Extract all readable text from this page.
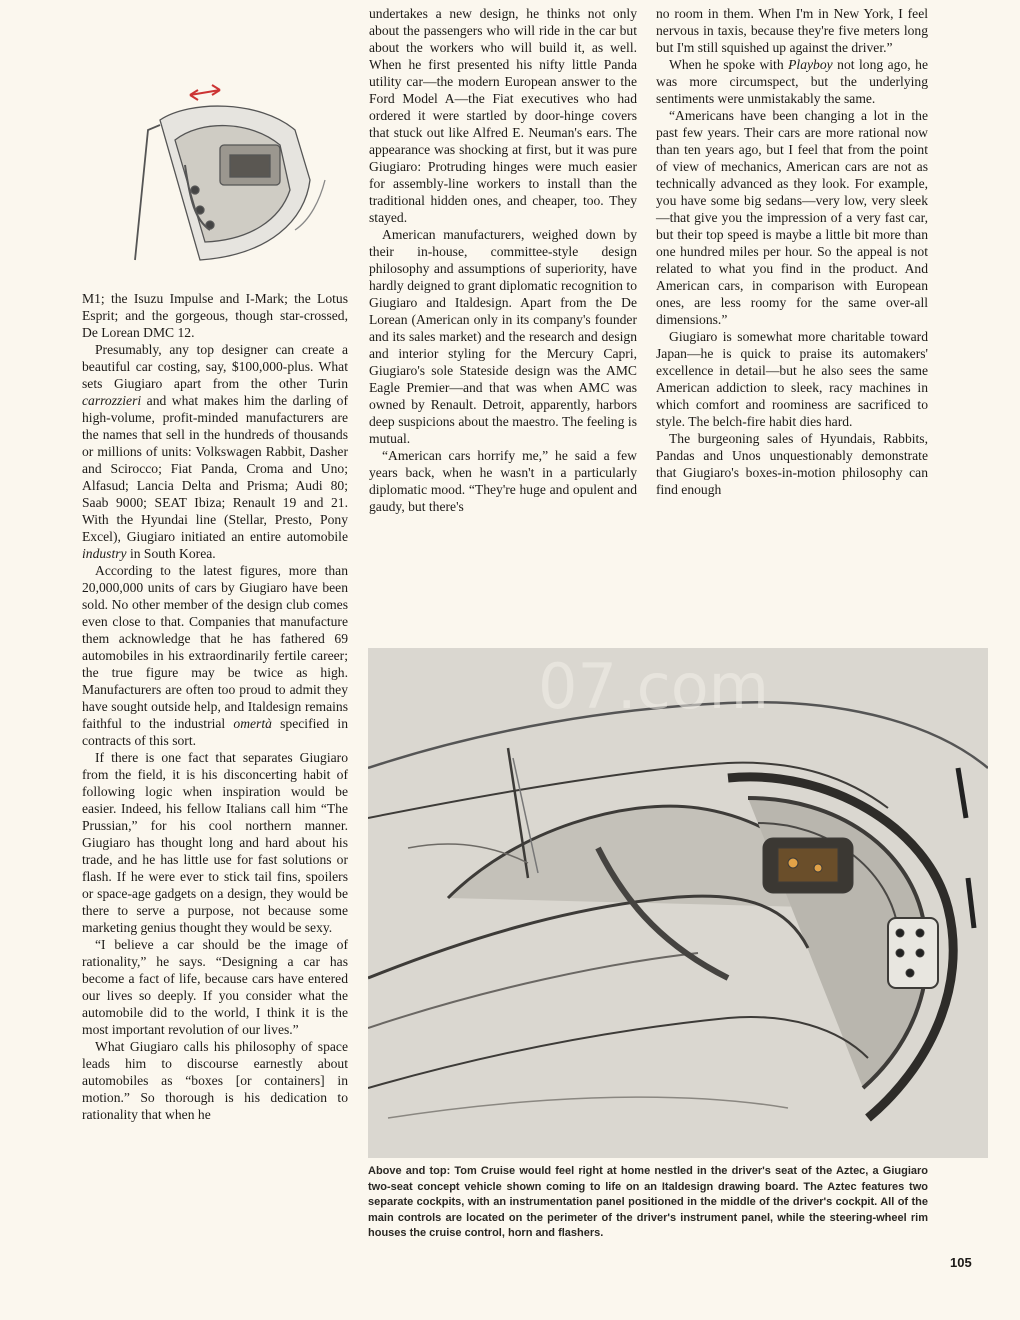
M1; the Isuzu Impulse and I-Mark; the Lotus Esprit; and the gorgeous, though star-crossed, De Lorean DMC 12.

Presumably, any top designer can create a beautiful car costing, say, $100,000-plus. What sets Giugiaro apart from the other Turin carrozzieri and what makes him the darling of high-volume, profit-minded manufacturers are the names that sell in the hundreds of thousands or millions of units: Volkswagen Rabbit, Dasher and Scirocco; Fiat Panda, Croma and Uno; Alfasud; Lancia Delta and Prisma; Audi 80; Saab 9000; SEAT Ibiza; Renault 19 and 21. With the Hyundai line (Stellar, Presto, Pony Excel), Giugiaro initiated an entire automobile industry in South Korea.

According to the latest figures, more than 20,000,000 units of cars by Giugiaro have been sold. No other member of the design club comes even close to that. Companies that manufacture them acknowledge that he has fathered 69 automobiles in his extraordinarily fertile career; the true figure may be twice as high. Manufacturers are often too proud to admit they have sought outside help, and Italdesign remains faithful to the industrial omertà specified in contracts of this sort.

If there is one fact that separates Giugiaro from the field, it is his disconcerting habit of following logic when inspiration would be easier. Indeed, his fellow Italians call him “The Prussian,” for his cool northern manner. Giugiaro has thought long and hard about his trade, and he has little use for fast solutions or flash. If he were ever to stick tail fins, spoilers or space-age gadgets on a design, they would be there to serve a purpose, not because some marketing genius thought they would be sexy.

“I believe a car should be the image of rationality,” he says. “Designing a car has become a fact of life, because cars have entered our lives so deeply. If you consider what the automobile did to the world, I think it is the most important revolution of our lives.”

What Giugiaro calls his philosophy of space leads him to discourse earnestly about automobiles as “boxes [or containers] in motion.” So thorough is his dedication to rationality that when he

undertakes a new design, he thinks not only about the passengers who will ride in the car but about the workers who will build it, as well. When he first presented his nifty little Panda utility car—the modern European answer to the Ford Model A—the Fiat executives who had ordered it were startled by door-hinge covers that stuck out like Alfred E. Neuman's ears. The appearance was shocking at first, but it was pure Giugiaro: Protruding hinges were much easier for assembly-line workers to install than the traditional hidden ones, and cheaper, too. They stayed.

American manufacturers, weighed down by their in-house, committee-style design philosophy and assumptions of superiority, have hardly deigned to grant diplomatic recognition to Giugiaro and Italdesign. Apart from the De Lorean (American only in its company's founder and its sales market) and the research and design and interior styling for the Mercury Capri, Giugiaro's sole Stateside design was the AMC Eagle Premier—and that was when AMC was owned by Renault. Detroit, apparently, harbors deep suspicions about the maestro. The feeling is mutual.

“American cars horrify me,” he said a few years back, when he wasn't in a particularly diplomatic mood. “They're huge and opulent and gaudy, but there's

no room in them. When I'm in New York, I feel nervous in taxis, because they're five meters long but I'm still squished up against the driver.”

When he spoke with Playboy not long ago, he was more circumspect, but the underlying sentiments were unmistakably the same.

“Americans have been changing a lot in the past few years. Their cars are more rational now than ten years ago, but I feel that from the point of view of mechanics, American cars are not as technically advanced as they look. For example, you have some big sedans—very low, very sleek—that give you the impression of a very fast car, but their top speed is maybe a little bit more than one hundred miles per hour. So the appeal is not related to what you find in the product. And American cars, in comparison with European ones, are less roomy for the same over-all dimensions.”

Giugiaro is somewhat more charitable toward Japan—he is quick to praise its automakers' excellence in detail—but he also sees the same American addiction to sleek, racy machines in which comfort and roominess are sacrificed to style. The belch-fire habit dies hard.

The burgeoning sales of Hyundais, Rabbits, Pandas and Unos unquestionably demonstrate that Giugiaro's boxes-in-motion philosophy can find enough

07.com
Above and top: Tom Cruise would feel right at home nestled in the driver's seat of the Aztec, a Giugiaro two-seat concept vehicle shown coming to life on an Italdesign drawing board. The Aztec features two separate cockpits, with an instrumentation panel positioned in the middle of the driver's cockpit. All of the main controls are located on the perimeter of the driver's instrument panel, while the steering-wheel rim houses the cruise control, horn and flashers.
105
